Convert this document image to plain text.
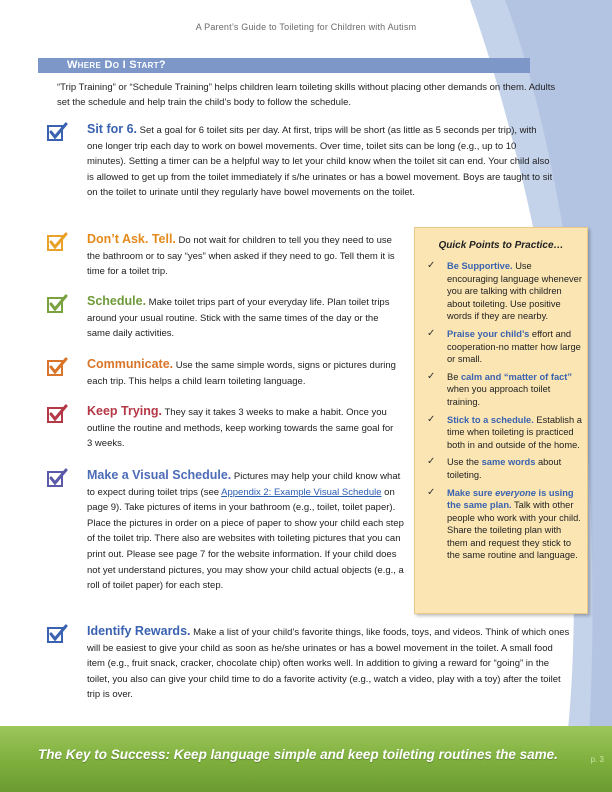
A Parent’s Guide to Toileting for Children with Autism
Where Do I Start?
“Trip Training” or “Schedule Training” helps children learn toileting skills without placing other demands on them. Adults set the schedule and help train the child’s body to follow the schedule.
Sit for 6. Set a goal for 6 toilet sits per day. At first, trips will be short (as little as 5 seconds per trip), with one longer trip each day to work on bowel movements. Over time, toilet sits can be long (e.g., up to 10 minutes). Setting a timer can be a helpful way to let your child know when the toilet sit can end. Your child also is allowed to get up from the toilet immediately if s/he urinates or has a bowel movement. Boys are taught to sit on the toilet to urinate until they regularly have bowel movements on the toilet.
Don’t Ask. Tell. Do not wait for children to tell you they need to use the bathroom or to say “yes” when asked if they need to go. Tell them it is time for a toilet trip.
Schedule. Make toilet trips part of your everyday life. Plan toilet trips around your usual routine. Stick with the same times of the day or the same daily activities.
Communicate. Use the same simple words, signs or pictures during each trip. This helps a child learn toileting language.
Keep Trying. They say it takes 3 weeks to make a habit. Once you outline the routine and methods, keep working towards the same goal for 3 weeks.
Make a Visual Schedule. Pictures may help your child know what to expect during toilet trips (see Appendix 2: Example Visual Schedule on page 9). Take pictures of items in your bathroom (e.g., toilet, toilet paper). Place the pictures in order on a piece of paper to show your child each step of the toilet trip. There also are websites with toileting pictures that you can print out. Please see page 7 for the website information. If your child does not yet understand pictures, you may show your child actual objects (e.g., a roll of toilet paper) for each step.
Identify Rewards. Make a list of your child’s favorite things, like foods, toys, and videos. Think of which ones will be easiest to give your child as soon as he/she urinates or has a bowel movement in the toilet. A small food item (e.g., fruit snack, cracker, chocolate chip) often works well. In addition to giving a reward for “going” in the toilet, you also can give your child time to do a favorite activity (e.g., watch a video, play with a toy) after the toilet trip is over.
Quick Points to Practice…
✓ Be Supportive. Use encouraging language whenever you are talking with children about toileting. Use positive words if they are nearby.
✓ Praise your child’s effort and cooperation-no matter how large or small.
✓ Be calm and “matter of fact” when you approach toilet training.
✓ Stick to a schedule. Establish a time when toileting is practiced both in and outside of the home.
✓ Use the same words about toileting.
✓ Make sure everyone is using the same plan. Talk with other people who work with your child. Share the toileting plan with them and request they stick to the same routine and language.
The Key to Success: Keep language simple and keep toileting routines the same.	p. 3
